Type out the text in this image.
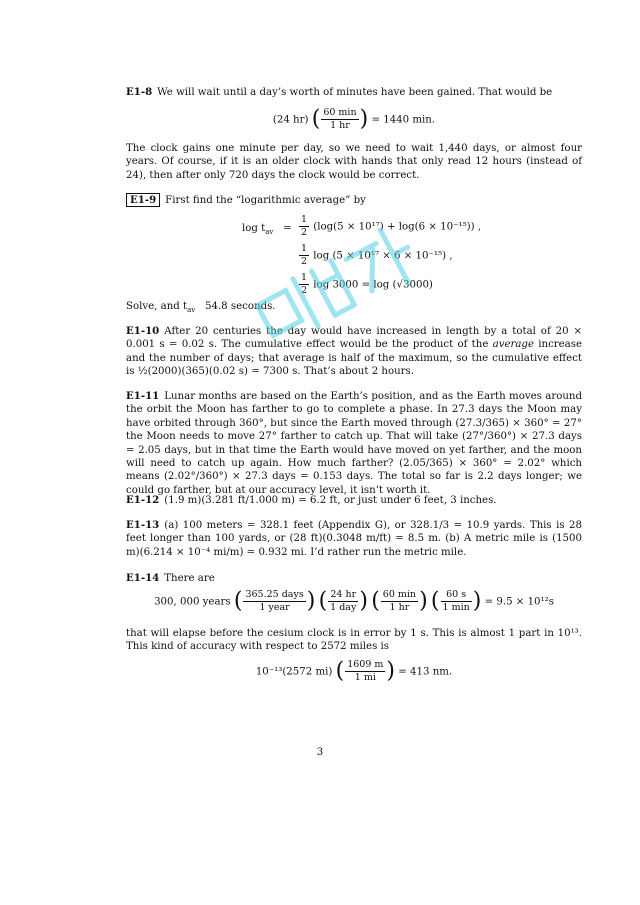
E1-8 We will wait until a day’s worth of minutes have been gained. That would be

(24 hr) ( $\frac{60 \min}{1 hr}$ ) = 1440 min.

The clock gains one minute per day, so we need to wait 1,440 days, or almost four years. Of course, if it is an older clock with hands that only read 12 hours (instead of 24), then after only 720 days the clock would be correct.

E1-9 First find the “logarithmic average” by

$\log t_{av} = \frac{1}{2} (\log(5 \times 10^{17}) + \log(6 \times 10^{-15}))$ ,
$\frac{1}{2}$ log (5 × 10¹⁷ × 6 × 10⁻¹⁵) ,
$\frac{1}{2}$ log 3000 = log (√3000)

Solve, and $t_{av}$ 54.8 seconds.

E1-10 After 20 centuries the day would have increased in length by a total of 20 × 0.001 s = 0.02 s. The cumulative effect would be the product of the average increase and the number of days; that average is half of the maximum, so the cumulative effect is ½(2000)(365)(0.02 s) = 7300 s. That’s about 2 hours.

E1-11 Lunar months are based on the Earth’s position, and as the Earth moves around the orbit the Moon has farther to go to complete a phase. In 27.3 days the Moon may have orbited through 360°, but since the Earth moved through (27.3/365) × 360° = 27° the Moon needs to move 27° farther to catch up. That will take (27°/360°) × 27.3 days = 2.05 days, but in that time the Earth would have moved on yet farther, and the moon will need to catch up again. How much farther? (2.05/365) × 360° = 2.02° which means (2.02°/360°) × 27.3 days = 0.153 days. The total so far is 2.2 days longer; we could go farther, but at our accuracy level, it isn’t worth it.

E1-12 (1.9 m)(3.281 ft/1.000 m) = 6.2 ft, or just under 6 feet, 3 inches.

E1-13 (a) 100 meters = 328.1 feet (Appendix G), or 328.1/3 = 10.9 yards. This is 28 feet longer than 100 yards, or (28 ft)(0.3048 m/ft) = 8.5 m. (b) A metric mile is (1500 m)(6.214 × 10⁻⁴ mi/m) = 0.932 mi. I’d rather run the metric mile.

E1-14 There are

300, 000 years ( $\frac{\text{365.25 days}}{\text{1 year}}$ ) ( $\frac{24 hr}{\text{1 day}}$ ) ( $\frac{60 \min}{1 hr}$ ) ( $\frac{60 s}{1 \min}$ ) = 9.5 × 10¹²s

that will elapse before the cesium clock is in error by 1 s. This is almost 1 part in 10¹³. This kind of accuracy with respect to 2572 miles is

10⁻¹³(2572 mi) ( $\frac{1609 m}{1 mi}$ ) = 413 nm.
3
